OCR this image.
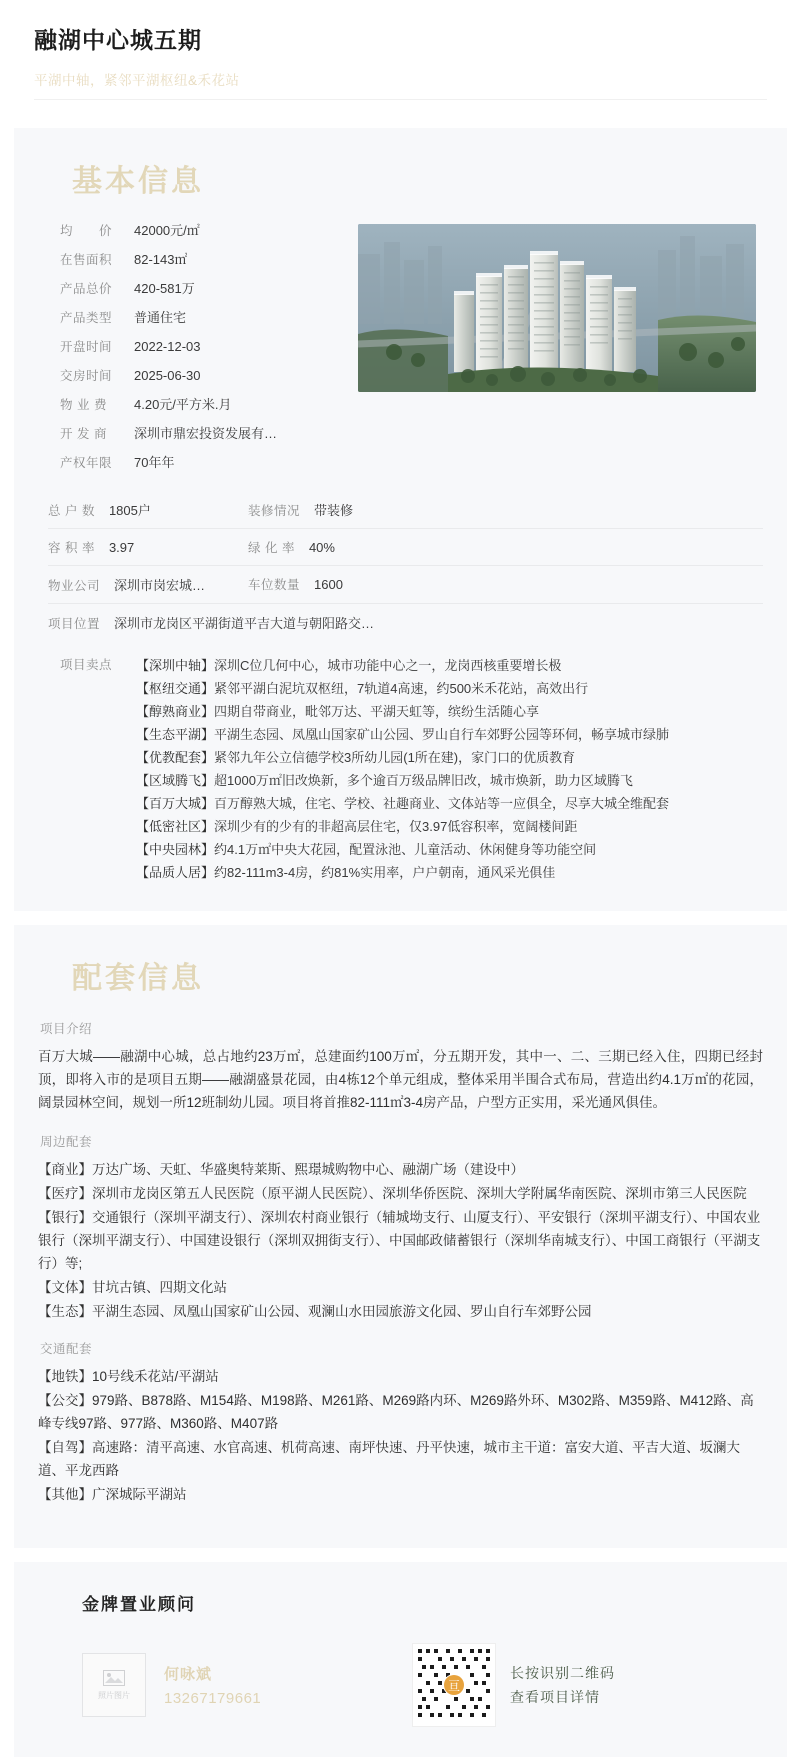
融湖中心城五期
平湖中轴，紧邻平湖枢纽&禾花站
基本信息
均　　价	42000元/㎡
在售面积	82-143㎡
产品总价	420-581万
产品类型	普通住宅
开盘时间	2022-12-03
交房时间	2025-06-30
物 业 费	4.20元/平方米.月
开 发 商	深圳市鼎宏投资发展有…
产权年限	70年年
总 户 数 1805户	装修情况 带装修
容 积 率 3.97	绿 化 率 40%
物业公司 深圳市岗宏城…	车位数量 1600
项目位置 深圳市龙岗区平湖街道平吉大道与朝阳路交…
项目卖点	【深圳中轴】深圳C位几何中心，城市功能中心之一，龙岗西核重要增长极
【枢纽交通】紧邻平湖白泥坑双枢纽，7轨道4高速，约500米禾花站，高效出行
【醇熟商业】四期自带商业，毗邻万达、平湖天虹等，缤纷生活随心享
【生态平湖】平湖生态园、凤凰山国家矿山公园、罗山自行车郊野公园等环伺，畅享城市绿肺
【优教配套】紧邻九年公立信德学校3所幼儿园(1所在建)，家门口的优质教育
【区域腾飞】超1000万㎡旧改焕新，多个逾百万级品牌旧改，城市焕新，助力区域腾飞
【百万大城】百万醇熟大城，住宅、学校、社趣商业、文体站等一应俱全，尽享大城全维配套
【低密社区】深圳少有的少有的非超高层住宅，仅3.97低容积率，宽阔楼间距
【中央园林】约4.1万㎡中央大花园，配置泳池、儿童活动、休闲健身等功能空间
【品质人居】约82-111m3-4房，约81%实用率，户户朝南，通风采光俱佳
配套信息
项目介绍
百万大城——融湖中心城，总占地约23万㎡，总建面约100万㎡，分五期开发，其中一、二、三期已经入住，四期已经封顶，即将入市的是项目五期——融湖盛景花园，由4栋12个单元组成，整体采用半围合式布局，营造出约4.1万㎡的花园，阔景园林空间，规划一所12班制幼儿园。项目将首推82-111㎡3-4房产品，户型方正实用，采光通风俱佳。
周边配套
【商业】万达广场、天虹、华盛奥特莱斯、熙璟城购物中心、融湖广场（建设中）
【医疗】深圳市龙岗区第五人民医院（原平湖人民医院）、深圳华侨医院、深圳大学附属华南医院、深圳市第三人民医院
【银行】交通银行（深圳平湖支行）、深圳农村商业银行（辅城坳支行、山厦支行）、平安银行（深圳平湖支行）、中国农业银行（深圳平湖支行）、中国建设银行（深圳双拥街支行）、中国邮政储蓄银行（深圳华南城支行）、中国工商银行（平湖支行）等;
【文体】甘坑古镇、四期文化站
【生态】平湖生态园、凤凰山国家矿山公园、观澜山水田园旅游文化园、罗山自行车郊野公园
交通配套
【地铁】10号线禾花站/平湖站
【公交】979路、B878路、M154路、M198路、M261路、M269路内环、M269路外环、M302路、M359路、M412路、高峰专线97路、977路、M360路、M407路
【自驾】高速路：清平高速、水官高速、机荷高速、南坪快速、丹平快速，城市主干道：富安大道、平吉大道、坂澜大道、平龙西路
【其他】广深城际平湖站
金牌置业顾问
照片图片
何咏斌
13267179661
亘
长按识别二维码
查看项目详情
